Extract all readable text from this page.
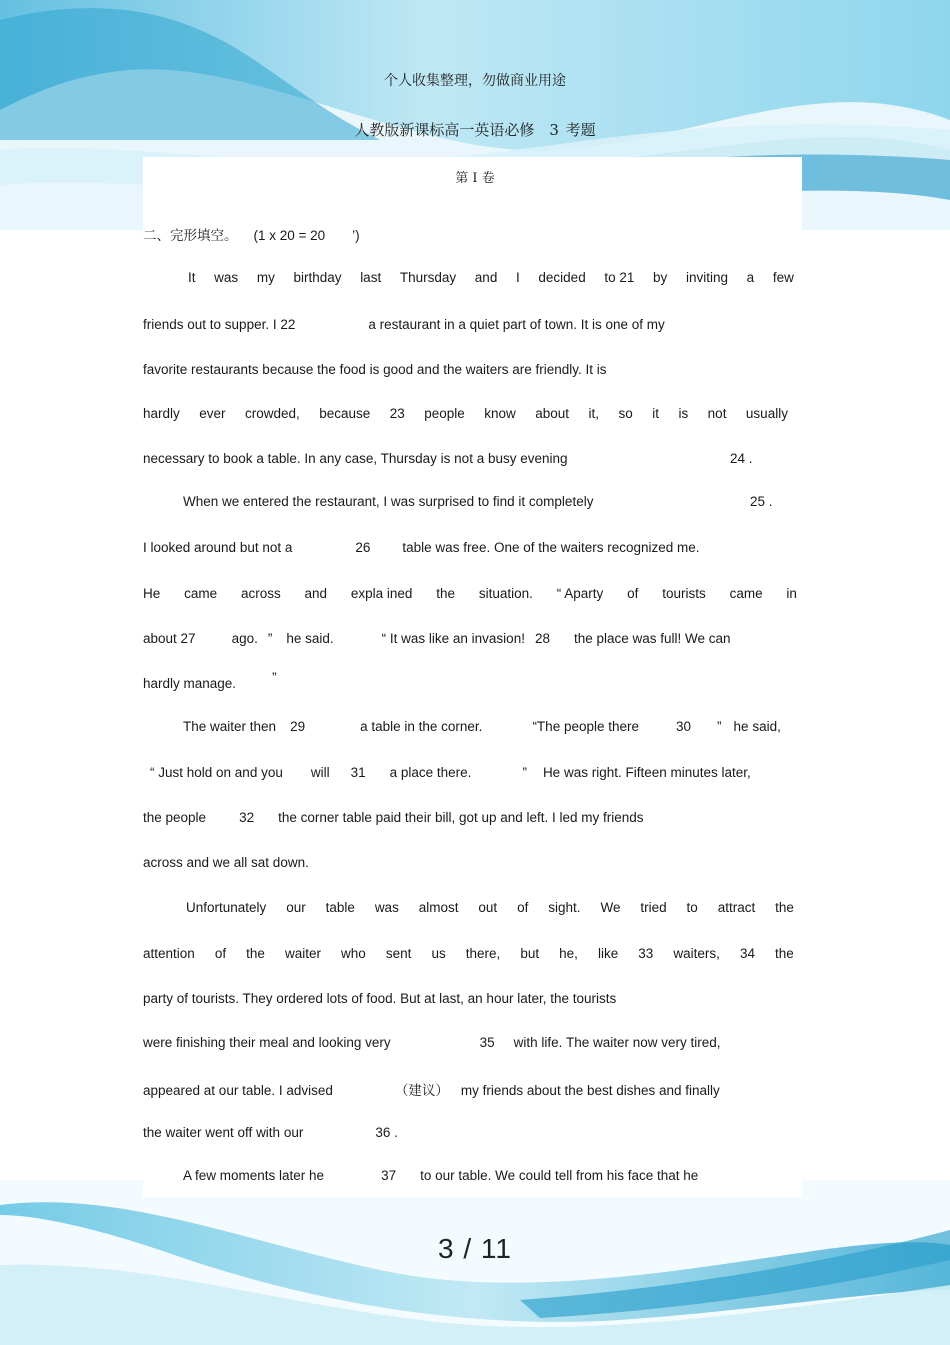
个人收集整理，勿做商业用途
人教版新课标高一英语必修　3 考题
第 I 卷
二、完形填空。 (1 x 20 = 20　　’)
It was my birthday last Thursday and I decided to 21 by inviting a few
friends out to supper. I 22	a restaurant in a quiet part of town. It is one of my
favorite restaurants because the food is good and the waiters are friendly. It is
hardly ever crowded, because 23 people know about it, so it is not usually
necessary to book a table. In any case, Thursday is not a busy evening	24 .
When we entered the restaurant, I was surprised to find it completely	25 .
I looked around but not a	26 table was free. One of the waiters recognized me.
He came across and expla ined the situation. “ Aparty of tourists came in
about 27	ago. ” he said.	“ It was like an invasion! 28 the place was full! We can
hardly manage.	”
The waiter then 29	a table in the corner.	“The people there	30 ” he said,
“ Just hold on and you will 31 a place there.	” He was right. Fifteen minutes later,
the people 32 the corner table paid their bill, got up and left. I led my friends
across and we all sat down.
Unfortunately our table was almost out of sight. We tried to attract the
attention of the waiter who sent us there, but he, like 33 waiters, 34 the
party of tourists. They ordered lots of food. But at last, an hour later, the tourists
were finishing their meal and looking very	35 with life. The waiter now very tired,
appeared at our table. I advised	（建议） my friends about the best dishes and finally
the waiter went off with our	36 .
A few moments later he	37 to our table. We could tell from his face that he
3 / 11
